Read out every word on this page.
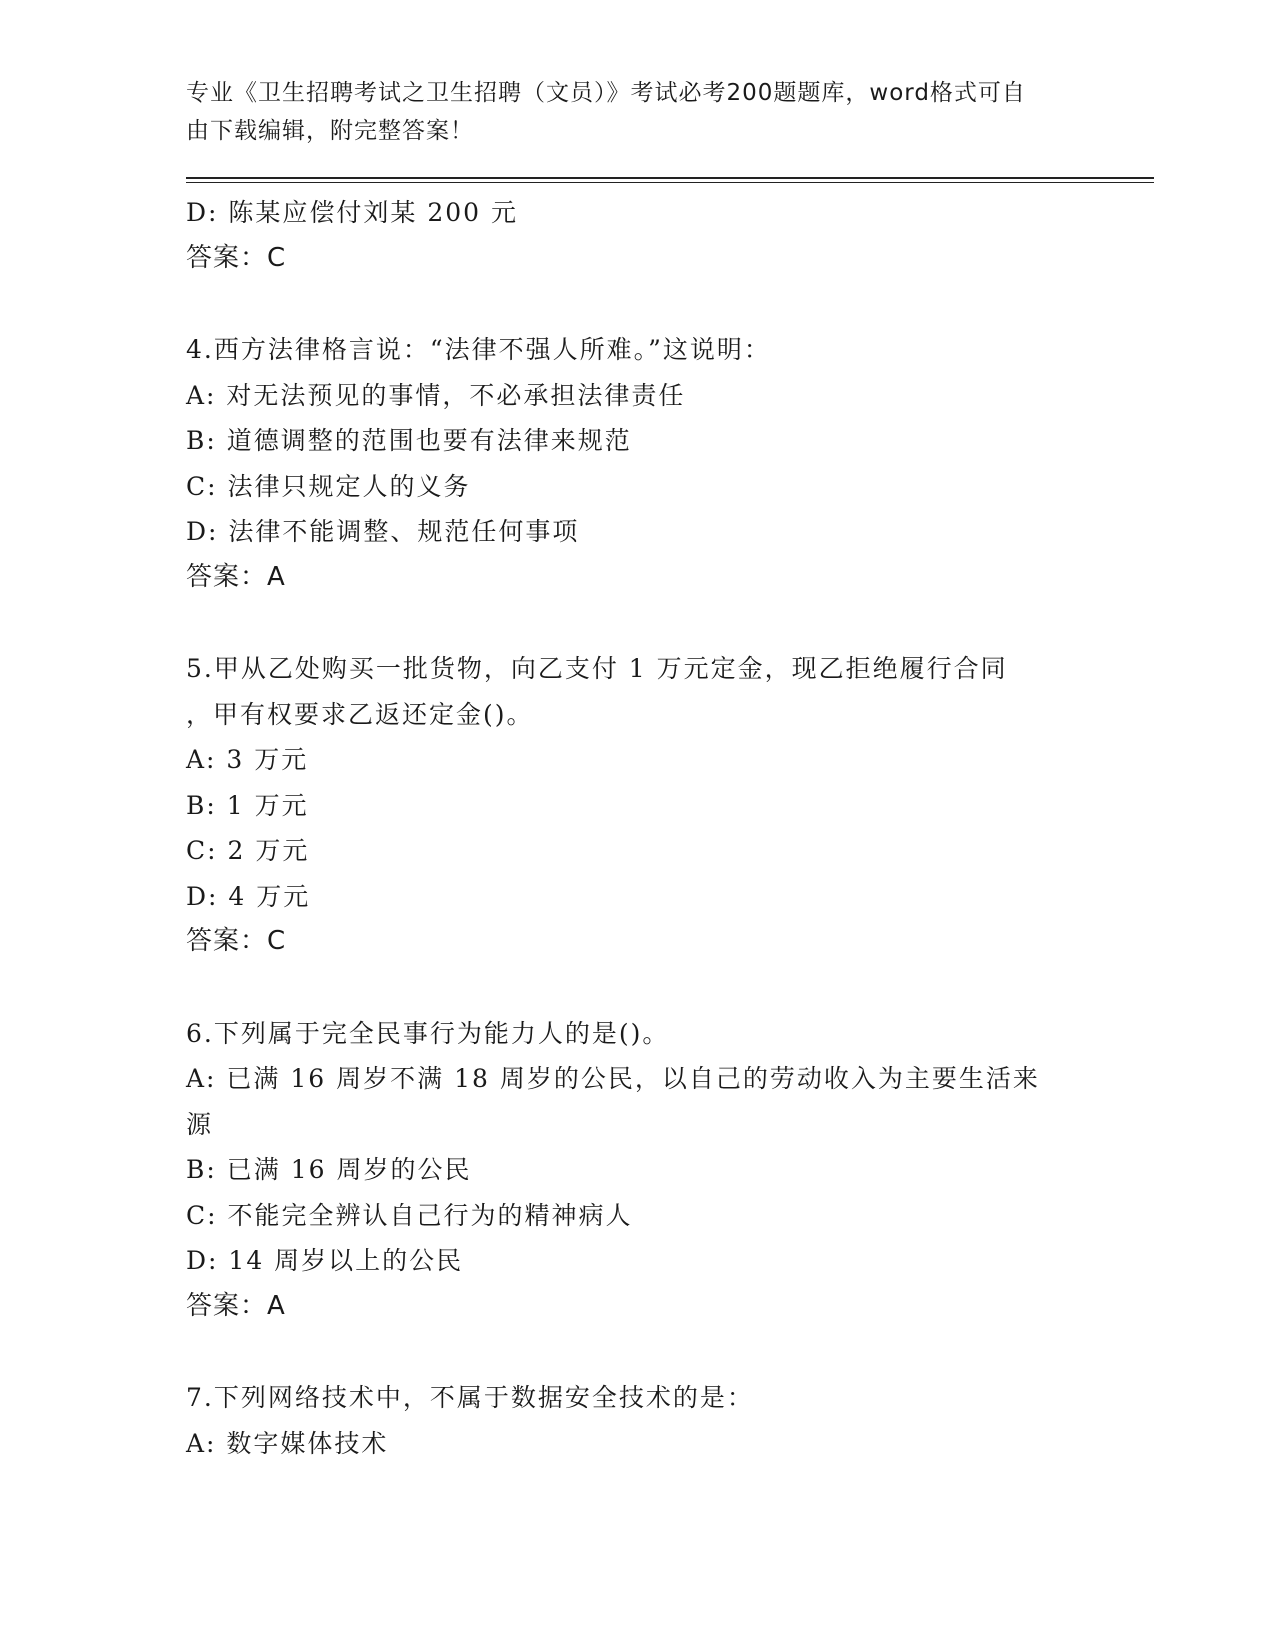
专业《卫生招聘考试之卫生招聘（文员）》考试必考200题题库，word格式可自
由下载编辑，附完整答案！
D: 陈某应偿付刘某 200 元
答案：C
4.西方法律格言说：“法律不强人所难。”这说明：
A: 对无法预见的事情，不必承担法律责任
B: 道德调整的范围也要有法律来规范
C: 法律只规定人的义务
D: 法律不能调整、规范任何事项
答案：A
5.甲从乙处购买一批货物，向乙支付 1 万元定金，现乙拒绝履行合同
，甲有权要求乙返还定金()。
A: 3 万元
B: 1 万元
C: 2 万元
D: 4 万元
答案：C
6.下列属于完全民事行为能力人的是()。
A: 已满 16 周岁不满 18 周岁的公民，以自己的劳动收入为主要生活来
源
B: 已满 16 周岁的公民
C: 不能完全辨认自己行为的精神病人
D: 14 周岁以上的公民
答案：A
7.下列网络技术中，不属于数据安全技术的是：
A: 数字媒体技术
